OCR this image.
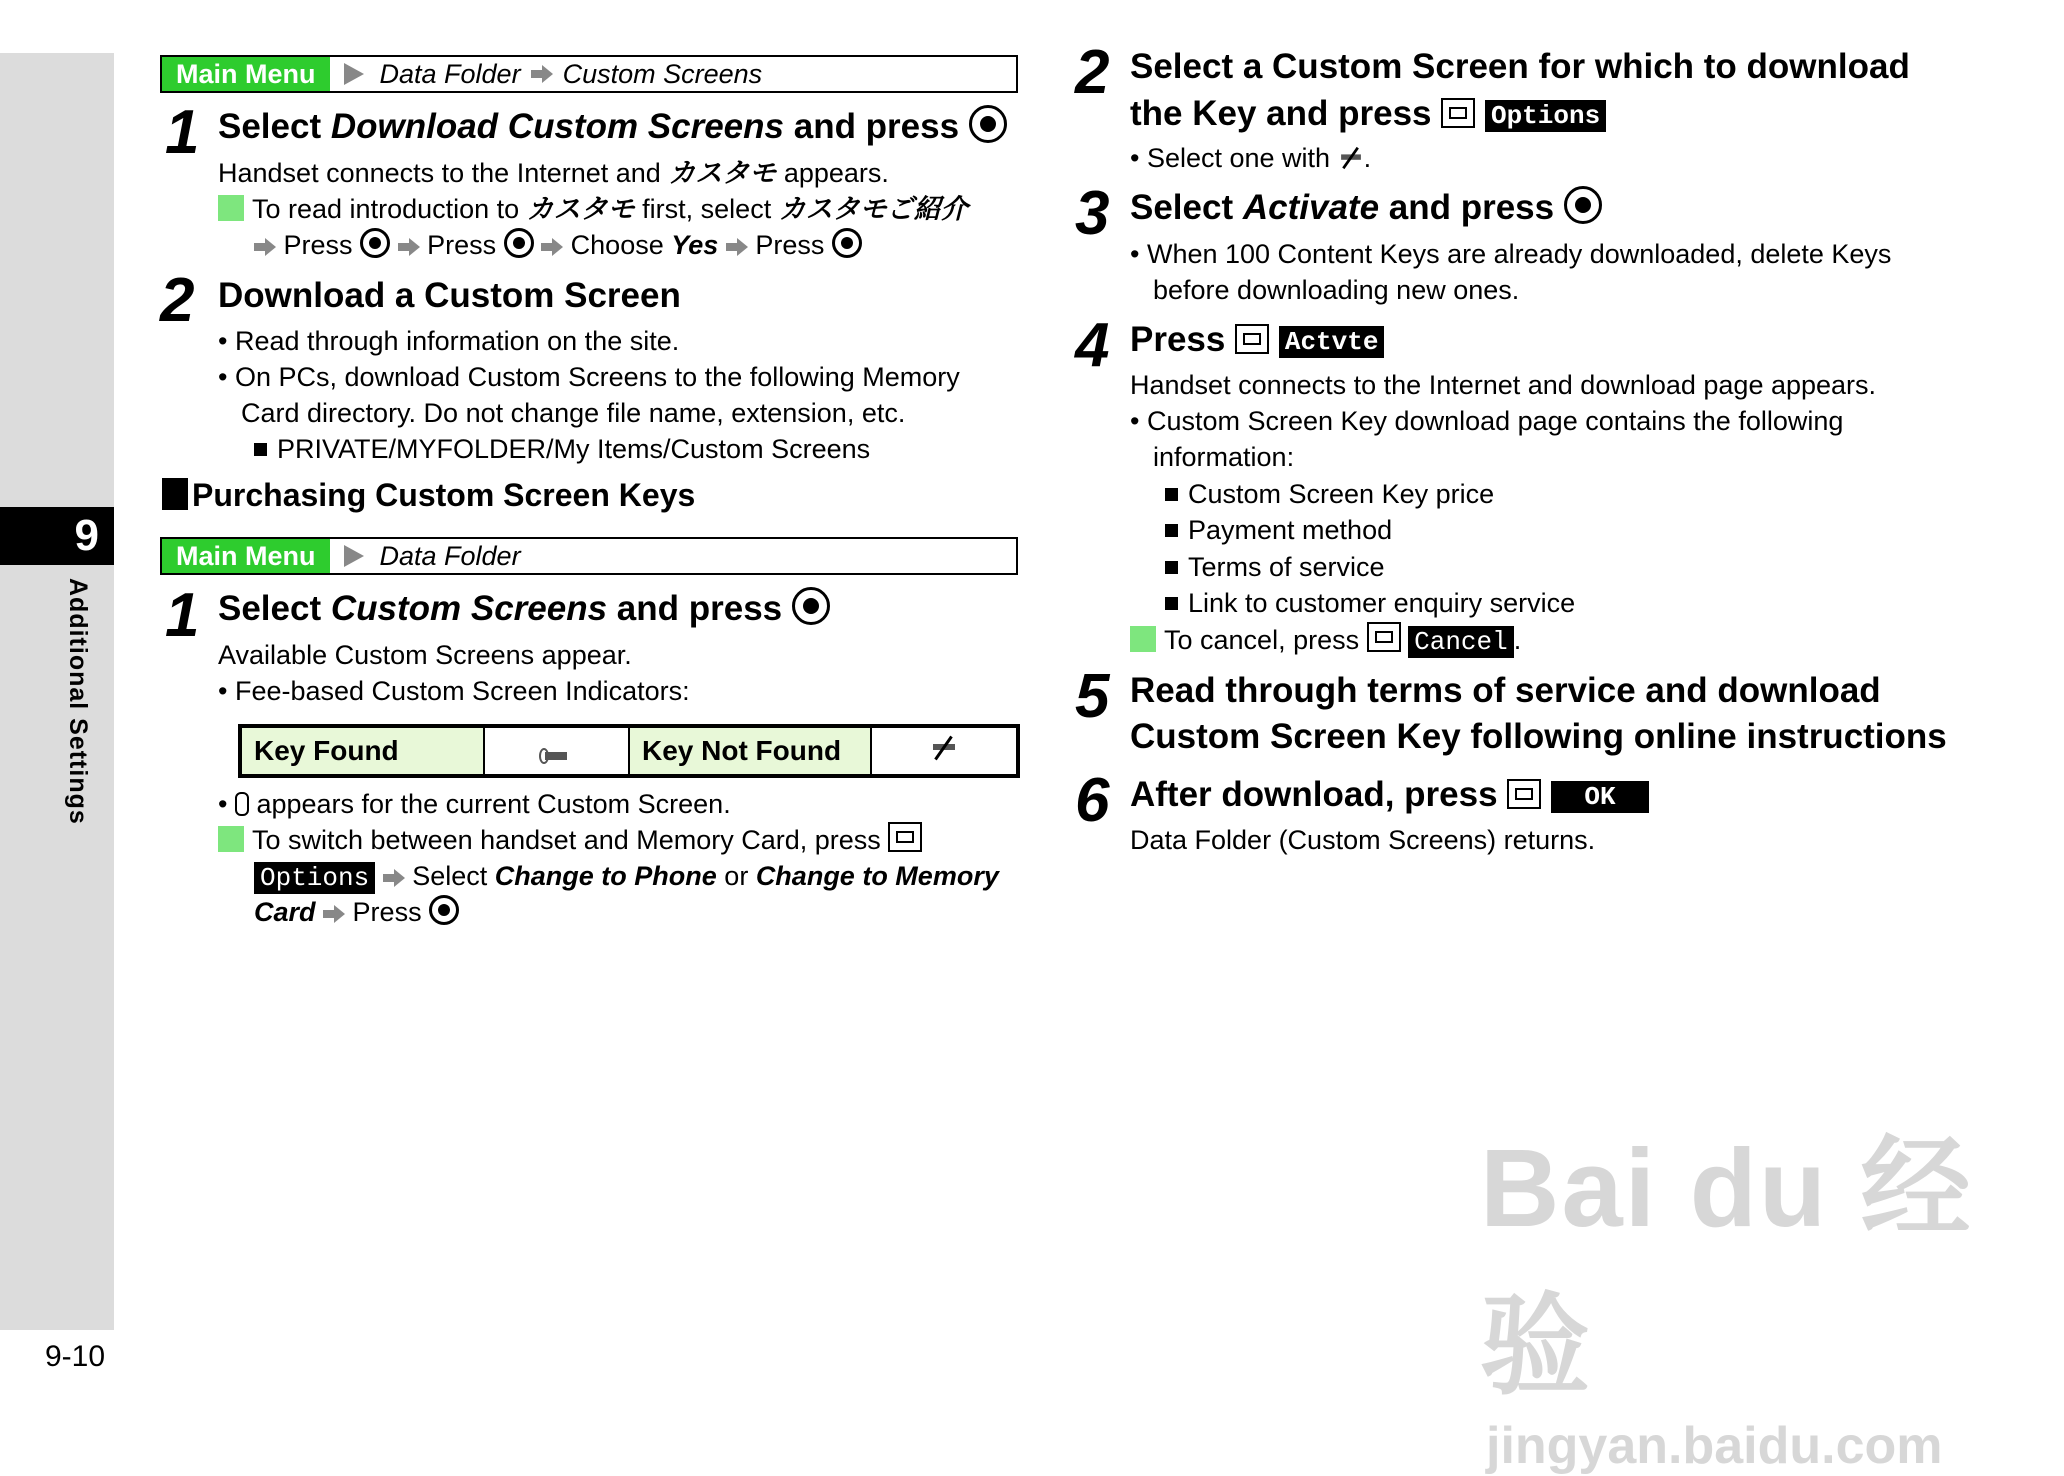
9
Additional Settings
9-10
Main Menu	Data Folder Custom Screens
1 Select Download Custom Screens and press
Handset connects to the Internet and カスタモ appears.
To read introduction to カスタモ first, select カスタモご紹介
Press	Press	Choose Yes Press
2 Download a Custom Screen
• Read through information on the site.
• On PCs, download Custom Screens to the following Memory
Card directory. Do not change file name, extension, etc.
PRIVATE/MYFOLDER/My Items/Custom Screens
Purchasing Custom Screen Keys
Main Menu	Data Folder
1 Select Custom Screens and press
Available Custom Screens appear.
• Fee-based Custom Screen Indicators:
Key Found		Key Not Found	
•  appears for the current Custom Screen.
To switch between handset and Memory Card, press
Options Select Change to Phone or Change to Memory
Card Press
2 Select a Custom Screen for which to download
the Key and press Options
• Select one with .
3 Select Activate and press
• When 100 Content Keys are already downloaded, delete Keys
before downloading new ones.
4 Press Actvte
Handset connects to the Internet and download page appears.
• Custom Screen Key download page contains the following
information:
Custom Screen Key price
Payment method
Terms of service
Link to customer enquiry service
To cancel, press Cancel .
5 Read through terms of service and download
Custom Screen Key following online instructions
6 After download, press	OK
Data Folder (Custom Screens) returns.
Bai du 经验
jingyan.baidu.com
